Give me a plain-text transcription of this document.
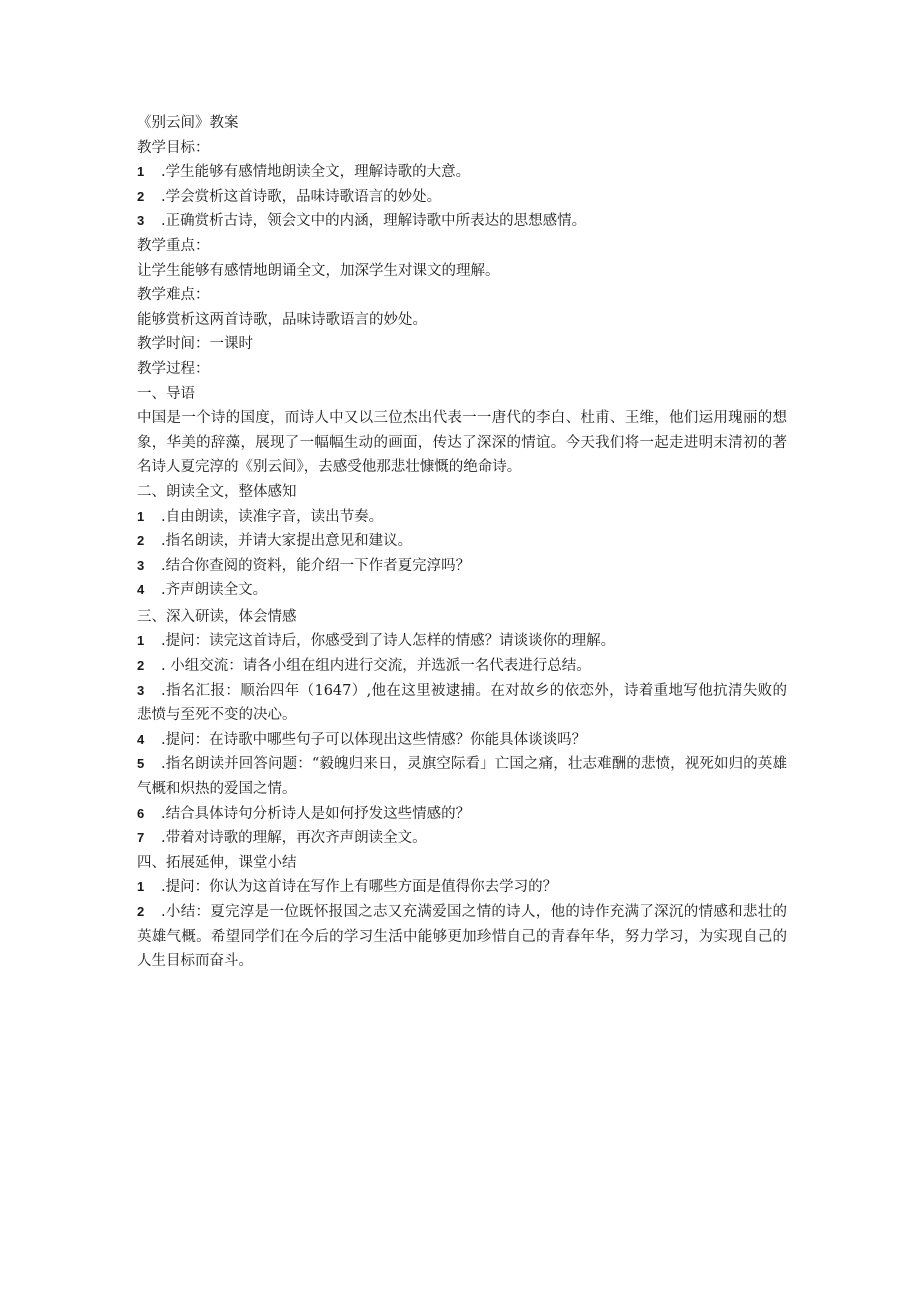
《别云间》教案

教学目标：

1 .学生能够有感情地朗读全文，理解诗歌的大意。

2 .学会赏析这首诗歌，品味诗歌语言的妙处。

3 .正确赏析古诗，领会文中的内涵，理解诗歌中所表达的思想感情。

教学重点：

让学生能够有感情地朗诵全文，加深学生对课文的理解。

教学难点：

能够赏析这两首诗歌，品味诗歌语言的妙处。

教学时间：一课时

教学过程：

一、导语

中国是一个诗的国度，而诗人中又以三位杰出代表一一唐代的李白、杜甫、王维，他们运用瑰丽的想象，华美的辞藻，展现了一幅幅生动的画面，传达了深深的情谊。今天我们将一起走进明末清初的著名诗人夏完淳的《别云间》，去感受他那悲壮慷慨的绝命诗。

二、朗读全文，整体感知

1 .自由朗读，读准字音，读出节奏。

2 .指名朗读，并请大家提出意见和建议。

3 .结合你查阅的资料，能介绍一下作者夏完淳吗？

4 .齐声朗读全文。

三、深入研读，体会情感

1 .提问：读完这首诗后，你感受到了诗人怎样的情感？请谈谈你的理解。

2 . 小组交流：请各小组在组内进行交流，并选派一名代表进行总结。

3 .指名汇报：顺治四年（1647）,他在这里被逮捕。在对故乡的依恋外，诗着重地写他抗清失败的悲愤与至死不变的决心。

4 .提问：在诗歌中哪些句子可以体现出这些情感？你能具体谈谈吗？

5 .指名朗读并回答问题：“毅魄归来日，灵旗空际看」亡国之痛，壮志难酬的悲愤，视死如归的英雄气概和炽热的爱国之情。

6 .结合具体诗句分析诗人是如何抒发这些情感的？

7 .带着对诗歌的理解，再次齐声朗读全文。

四、拓展延伸，课堂小结

1 .提问：你认为这首诗在写作上有哪些方面是值得你去学习的？

2 .小结：夏完淳是一位既怀报国之志又充满爱国之情的诗人，他的诗作充满了深沉的情感和悲壮的英雄气概。希望同学们在今后的学习生活中能够更加珍惜自己的青春年华，努力学习，为实现自己的人生目标而奋斗。
